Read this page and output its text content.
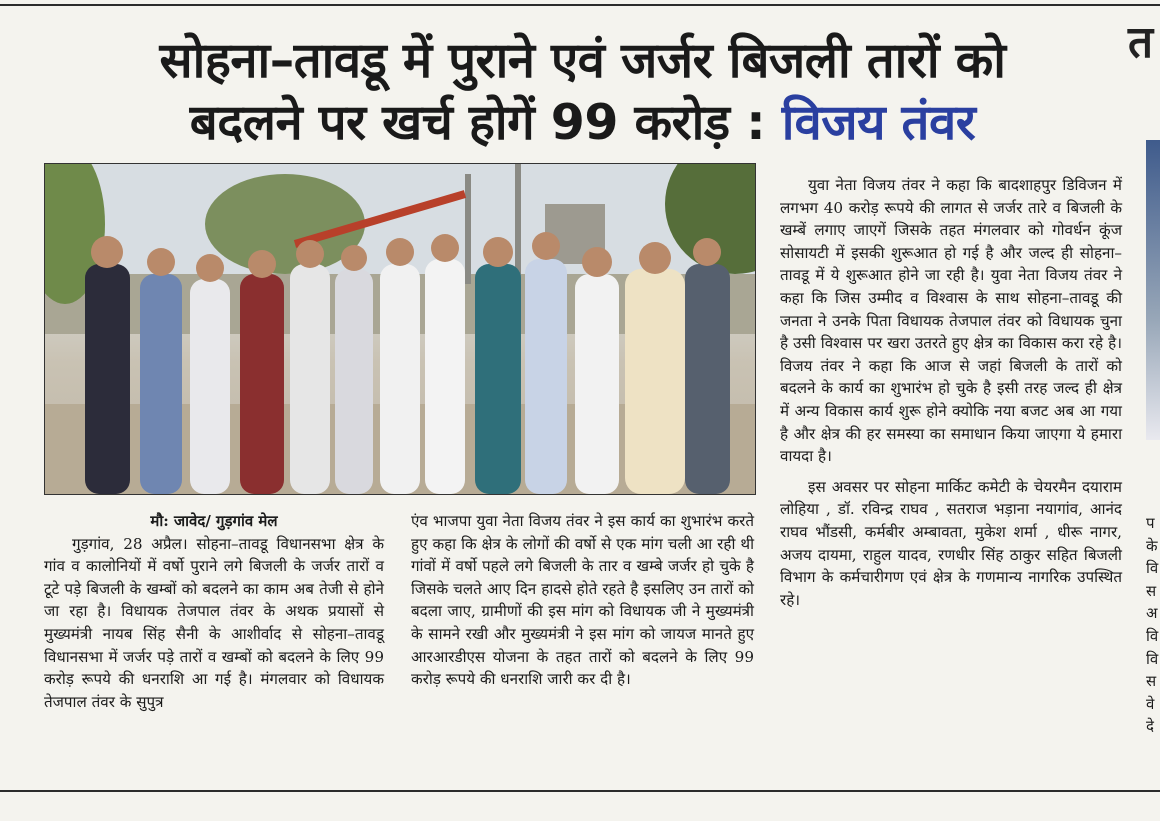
त
सोहना–तावडू में पुराने एवं जर्जर बिजली तारों को
बदलने पर खर्च होगें 99 करोड़ : विजय तंवर
मौ: जावेद/ गुड़गांव मेल

गुड़गांव, 28 अप्रैल। सोहना–तावडू विधानसभा क्षेत्र के गांव व कालोनियों में वर्षो पुराने लगे बिजली के जर्जर तारों व टूटे पड़े बिजली के खम्बों को बदलने का काम अब तेजी से होने जा रहा है। विधायक तेजपाल तंवर के अथक प्रयासों से मुख्यमंत्री नायब सिंह सैनी के आशीर्वाद से सोहना–तावडू विधानसभा में जर्जर पड़े तारों व खम्बों को बदलने के लिए 99 करोड़ रूपये की धनराशि आ गई है। मंगलवार को विधायक तेजपाल तंवर के सुपुत्र

एंव भाजपा युवा नेता विजय तंवर ने इस कार्य का शुभारंभ करते हुए कहा कि क्षेत्र के लोगों की वर्षो से एक मांग चली आ रही थी गांवों में वर्षो पहले लगे बिजली के तार व खम्बे जर्जर हो चुके है जिसके चलते आए दिन हादसे होते रहते है इसलिए उन तारों को बदला जाए, ग्रामीणों की इस मांग को विधायक जी ने मुख्यमंत्री के सामने रखी और मुख्यमंत्री ने इस मांग को जायज मानते हुए आरआरडीएस योजना के तहत तारों को बदलने के लिए 99 करोड़ रूपये की धनराशि जारी कर दी है।

युवा नेता विजय तंवर ने कहा कि बादशाहपुर डिविजन में लगभग 40 करोड़ रूपये की लागत से जर्जर तारे व बिजली के खम्बें लगाए जाएगें जिसके तहत मंगलवार को गोवर्धन कूंज सोसायटी में इसकी शुरूआत हो गई है और जल्द ही सोहना–तावडू में ये शुरूआत होने जा रही है। युवा नेता विजय तंवर ने कहा कि जिस उम्मीद व विश्वास के साथ सोहना–तावडू की जनता ने उनके पिता विधायक तेजपाल तंवर को विधायक चुना है उसी विश्वास पर खरा उतरते हुए क्षेत्र का विकास करा रहे है। विजय तंवर ने कहा कि आज से जहां बिजली के तारों को बदलने के कार्य का शुभारंभ हो चुके है इसी तरह जल्द ही क्षेत्र में अन्य विकास कार्य शुरू होने क्योकि नया बजट अब आ गया है और क्षेत्र की हर समस्या का समाधान किया जाएगा ये हमारा वायदा है।

इस अवसर पर सोहना मार्किट कमेटी के चेयरमैन दयाराम लोहिया , डॉ. रविन्द्र राघव , सतराज भड़ाना नयागांव, आनंद राघव भौंडसी, कर्मबीर अम्बावता, मुकेश शर्मा , धीरू नागर, अजय दायमा, राहुल यादव, रणधीर सिंह ठाकुर सहित बिजली विभाग के कर्मचारीगण एवं क्षेत्र के गणमान्य नागरिक उपस्थित रहे।

प
के
वि
स
अ
वि
वि
स
वे
दे
